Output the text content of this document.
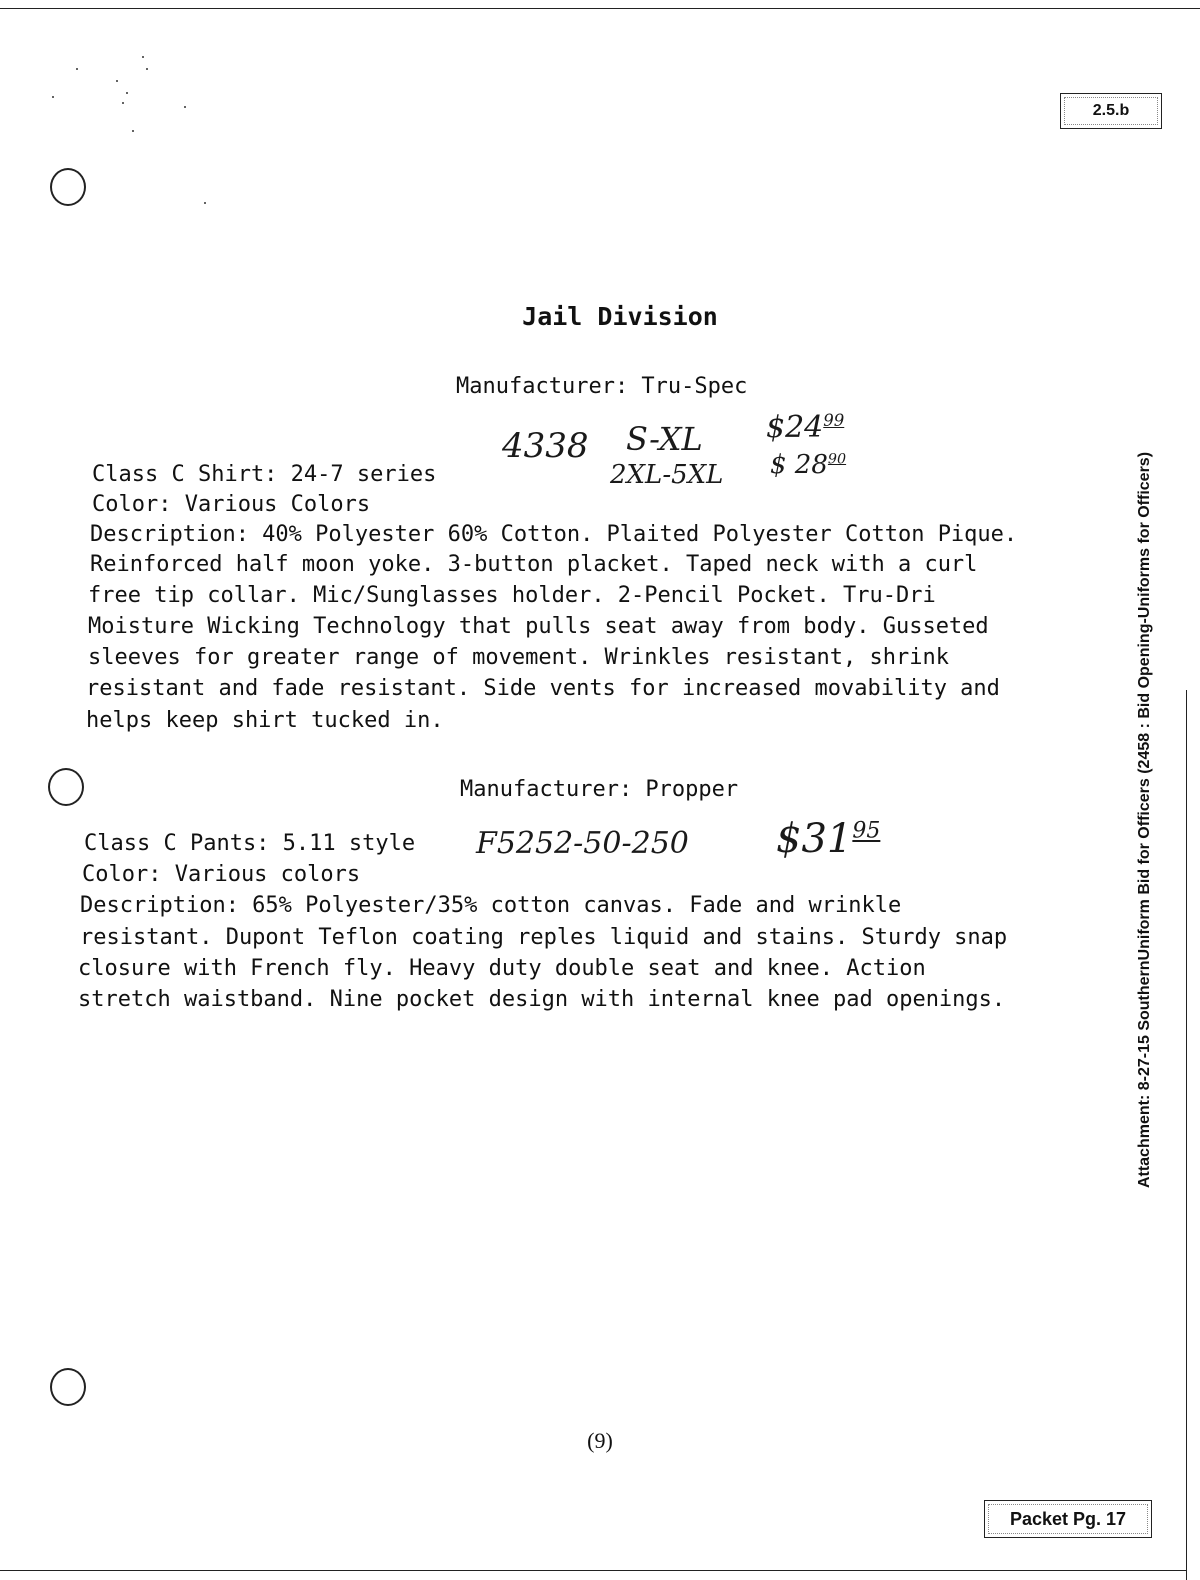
2.5.b
Attachment: 8-27-15 SouthernUniform Bid for Officers (2458 : Bid Opening-Uniforms for Officers)
Jail Division
Manufacturer: Tru-Spec
4338 S-XL $\$24^{99}$
2XL-5XL $ $28^{90}$
Class C Shirt: 24-7 series
Color: Various Colors
Description: 40% Polyester 60% Cotton. Plaited Polyester Cotton Pique.
Reinforced half moon yoke. 3-button placket. Taped neck with a curl
free tip collar. Mic/Sunglasses holder. 2-Pencil Pocket. Tru-Dri
Moisture Wicking Technology that pulls seat away from body. Gusseted
sleeves for greater range of movement. Wrinkles resistant, shrink
resistant and fade resistant. Side vents for increased movability and
helps keep shirt tucked in.
Manufacturer: Propper
F5252-50-250 $\$31^{95}$
Class C Pants: 5.11 style
Color: Various colors
Description: 65% Polyester/35% cotton canvas. Fade and wrinkle
resistant. Dupont Teflon coating reples liquid and stains. Sturdy snap
closure with French fly. Heavy duty double seat and knee. Action
stretch waistband. Nine pocket design with internal knee pad openings.
(9)
Packet Pg. 17
